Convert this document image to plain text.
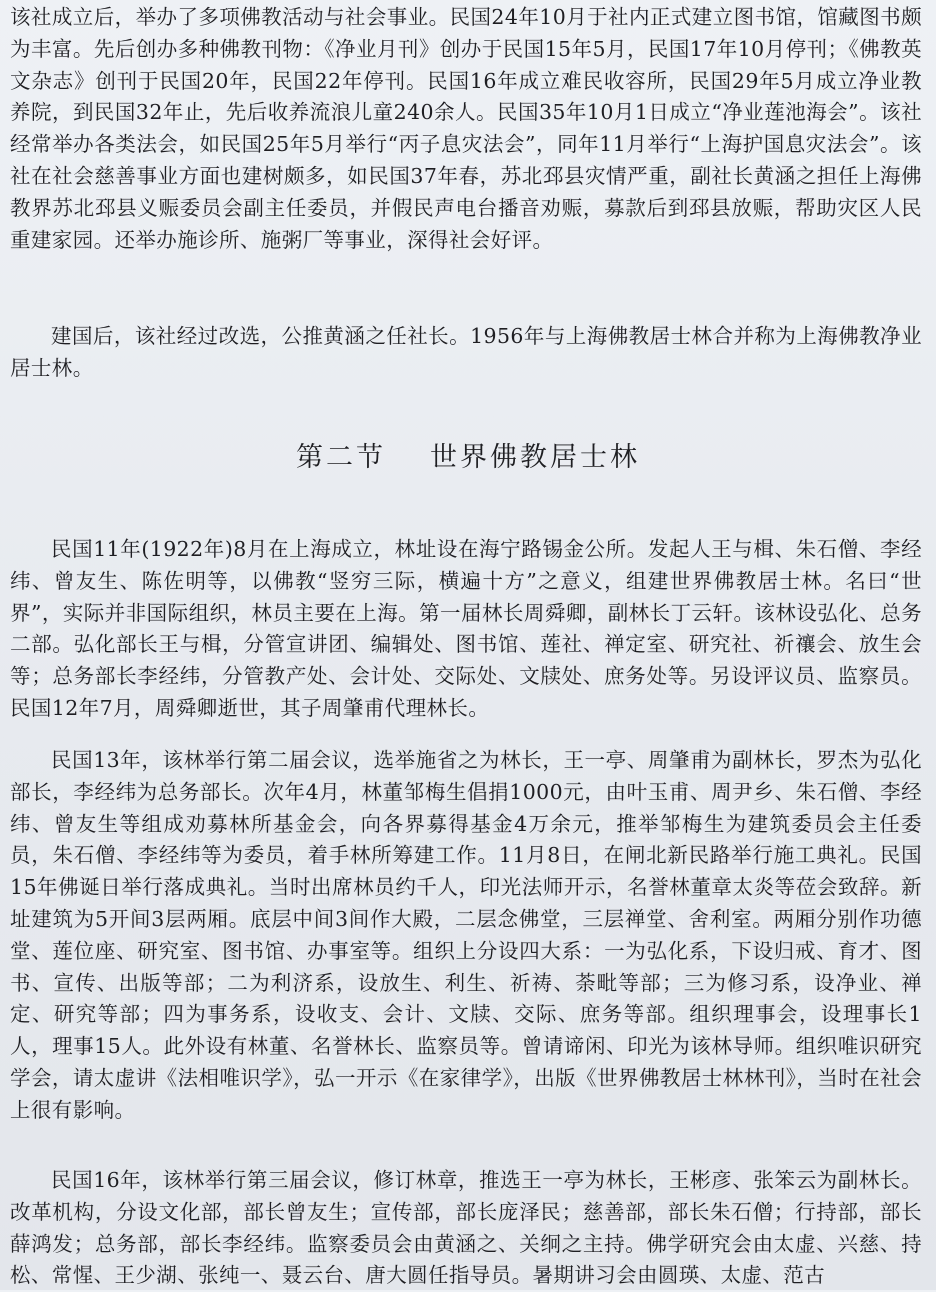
该社成立后，举办了多项佛教活动与社会事业。民国24年10月于社内正式建立图书馆，馆藏图书颇为丰富。先后创办多种佛教刊物：《净业月刊》创办于民国15年5月，民国17年10月停刊；《佛教英文杂志》创刊于民国20年，民国22年停刊。民国16年成立难民收容所，民国29年5月成立净业教养院，到民国32年止，先后收养流浪儿童240余人。民国35年10月1日成立“净业莲池海会”。该社经常举办各类法会，如民国25年5月举行“丙子息灾法会”，同年11月举行“上海护国息灾法会”。该社在社会慈善事业方面也建树颇多，如民国37年春，苏北邳县灾情严重，副社长黄涵之担任上海佛教界苏北邳县义赈委员会副主任委员，并假民声电台播音劝赈，募款后到邳县放赈，帮助灾区人民重建家园。还举办施诊所、施粥厂等事业，深得社会好评。

建国后，该社经过改选，公推黄涵之任社长。1956年与上海佛教居士林合并称为上海佛教净业居士林。

第二节 世界佛教居士林

民国11年(1922年)8月在上海成立，林址设在海宁路锡金公所。发起人王与楫、朱石僧、李经纬、曾友生、陈佐明等，以佛教“竖穷三际，横遍十方”之意义，组建世界佛教居士林。名曰“世界”，实际并非国际组织，林员主要在上海。第一届林长周舜卿，副林长丁云轩。该林设弘化、总务二部。弘化部长王与楫，分管宣讲团、编辑处、图书馆、莲社、禅定室、研究社、祈禳会、放生会等；总务部长李经纬，分管教产处、会计处、交际处、文牍处、庶务处等。另设评议员、监察员。民国12年7月，周舜卿逝世，其子周肇甫代理林长。

民国13年，该林举行第二届会议，选举施省之为林长，王一亭、周肇甫为副林长，罗杰为弘化部长，李经纬为总务部长。次年4月，林董邹梅生倡捐1000元，由叶玉甫、周尹乡、朱石僧、李经纬、曾友生等组成劝募林所基金会，向各界募得基金4万余元，推举邹梅生为建筑委员会主任委员，朱石僧、李经纬等为委员，着手林所筹建工作。11月8日，在闸北新民路举行施工典礼。民国15年佛诞日举行落成典礼。当时出席林员约千人，印光法师开示，名誉林董章太炎等莅会致辞。新址建筑为5开间3层两厢。底层中间3间作大殿，二层念佛堂，三层禅堂、舍利室。两厢分别作功德堂、莲位座、研究室、图书馆、办事室等。组织上分设四大系：一为弘化系，下设归戒、育才、图书、宣传、出版等部；二为利济系，设放生、利生、祈祷、荼毗等部；三为修习系，设净业、禅定、研究等部；四为事务系，设收支、会计、文牍、交际、庶务等部。组织理事会，设理事长1人，理事15人。此外设有林董、名誉林长、监察员等。曾请谛闲、印光为该林导师。组织唯识研究学会，请太虚讲《法相唯识学》，弘一开示《在家律学》，出版《世界佛教居士林林刊》，当时在社会上很有影响。

民国16年，该林举行第三届会议，修订林章，推选王一亭为林长，王彬彦、张笨云为副林长。改革机构，分设文化部，部长曾友生；宣传部，部长庞泽民；慈善部，部长朱石僧；行持部，部长薛鸿发；总务部，部长李经纬。监察委员会由黄涵之、关䌹之主持。佛学研究会由太虚、兴慈、持松、常惺、王少湖、张纯一、聂云台、唐大圆任指导员。暑期讲习会由圆瑛、太虚、范古
